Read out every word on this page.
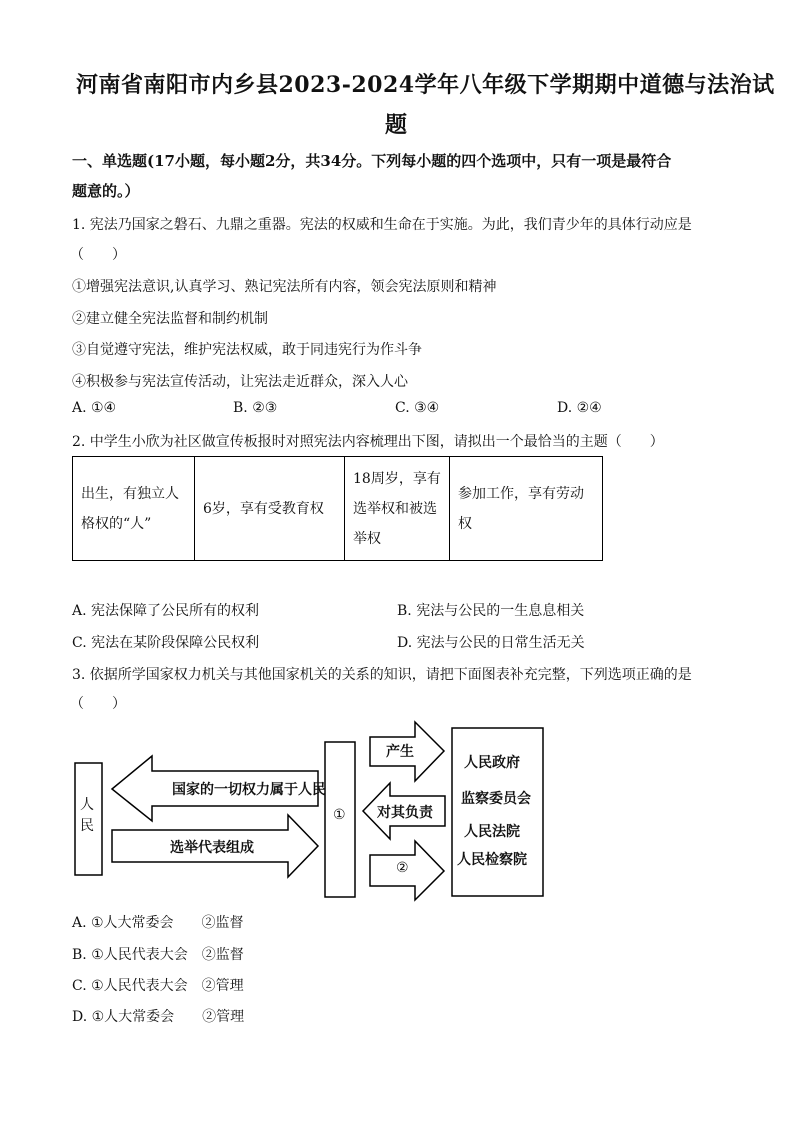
河南省南阳市内乡县2023-2024学年八年级下学期期中道德与法治试
题
一、单选题(17小题，每小题2分，共34分。下列每小题的四个选项中，只有一项是最符合
题意的。）
1. 宪法乃国家之磐石、九鼎之重器。宪法的权威和生命在于实施。为此，我们青少年的具体行动应是
（　　）
①增强宪法意识,认真学习、熟记宪法所有内容，领会宪法原则和精神
②建立健全宪法监督和制约机制
③自觉遵守宪法，维护宪法权威，敢于同违宪行为作斗争
④积极参与宪法宣传活动，让宪法走近群众，深入人心
A. ①④	B. ②③	C. ③④	D. ②④
2. 中学生小欣为社区做宣传板报时对照宪法内容梳理出下图，请拟出一个最恰当的主题（　　）
出生，有独立人格权的“人”	6岁，享有受教育权	18周岁，享有选举权和被选举权	参加工作，享有劳动权
A. 宪法保障了公民所有的权利	B. 宪法与公民的一生息息相关
C. 宪法在某阶段保障公民权利	D. 宪法与公民的日常生活无关
3. 依据所学国家权力机关与其他国家机关的关系的知识，请把下面图表补充完整，下列选项正确的是
（　　）
人民
国家的一切权力属于人民
选举代表组成
①
产生
对其负责
②
人民政府
监察委员会
人民法院
人民检察院
A. ①人大常委会　　②监督
B. ①人民代表大会　②监督
C. ①人民代表大会　②管理
D. ①人大常委会　　②管理
